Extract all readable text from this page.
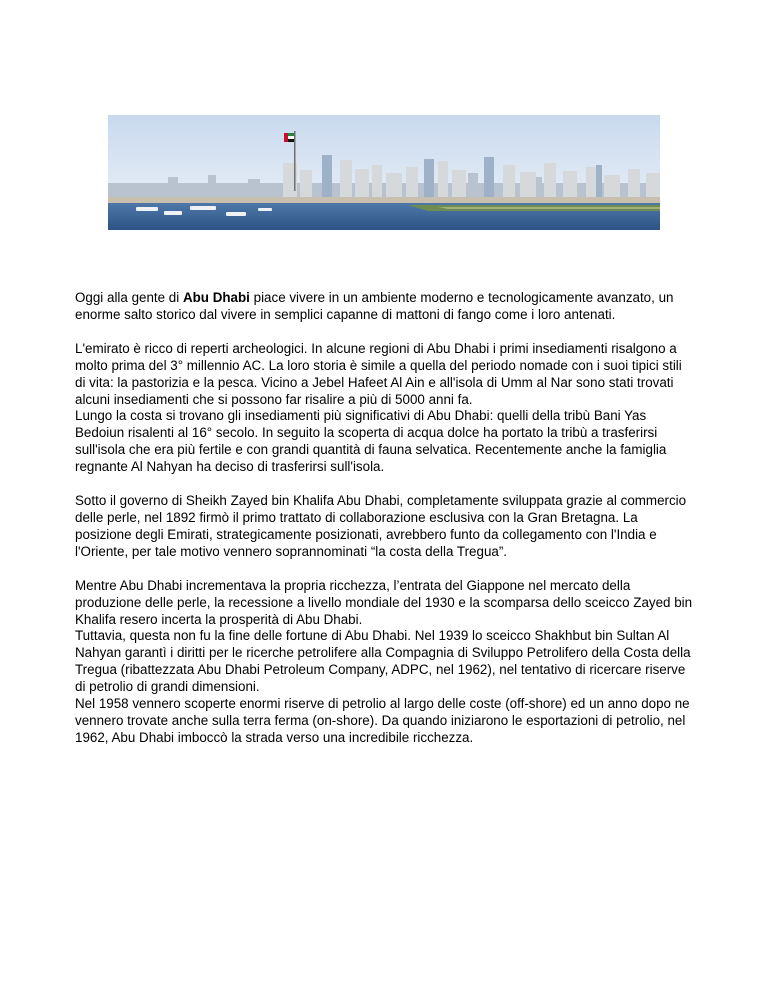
Oggi alla gente di Abu Dhabi piace vivere in un ambiente moderno e tecnologicamente avanzato, un enorme salto storico dal vivere in semplici capanne di mattoni di fango come i loro antenati.

L'emirato è ricco di reperti archeologici. In alcune regioni di Abu Dhabi i primi insediamenti risalgono a molto prima del 3° millennio AC. La loro storia è simile a quella del periodo nomade con i suoi tipici stili di vita: la pastorizia e la pesca. Vicino a Jebel Hafeet Al Ain e all'isola di Umm al Nar sono stati trovati alcuni insediamenti che si possono far risalire a più di 5000 anni fa.

Lungo la costa si trovano gli insediamenti più significativi di Abu Dhabi: quelli della tribù Bani Yas Bedoiun risalenti al 16° secolo. In seguito la scoperta di acqua dolce ha portato la tribù a trasferirsi sull'isola che era più fertile e con grandi quantità di fauna selvatica. Recentemente anche la famiglia regnante Al Nahyan ha deciso di trasferirsi sull'isola.

Sotto il governo di Sheikh Zayed bin Khalifa Abu Dhabi, completamente sviluppata grazie al commercio delle perle, nel 1892 firmò il primo trattato di collaborazione esclusiva con la Gran Bretagna. La posizione degli Emirati, strategicamente posizionati, avrebbero funto da collegamento con l'India e l'Oriente, per tale motivo vennero soprannominati “la costa della Tregua”.

Mentre Abu Dhabi incrementava la propria ricchezza, l’entrata del Giappone nel mercato della produzione delle perle, la recessione a livello mondiale del 1930 e la scomparsa dello sceicco Zayed bin Khalifa resero incerta la prosperità di Abu Dhabi.

Tuttavia, questa non fu la fine delle fortune di Abu Dhabi. Nel 1939 lo sceicco Shakhbut bin Sultan Al Nahyan garantì i diritti per le ricerche petrolifere alla Compagnia di Sviluppo Petrolifero della Costa della Tregua (ribattezzata Abu Dhabi Petroleum Company, ADPC, nel 1962), nel tentativo di ricercare riserve di petrolio di grandi dimensioni.

Nel 1958 vennero scoperte enormi riserve di petrolio al largo delle coste (off-shore) ed un anno dopo ne vennero trovate anche sulla terra ferma (on-shore). Da quando iniziarono le esportazioni di petrolio, nel 1962, Abu Dhabi imboccò la strada verso una incredibile ricchezza.
